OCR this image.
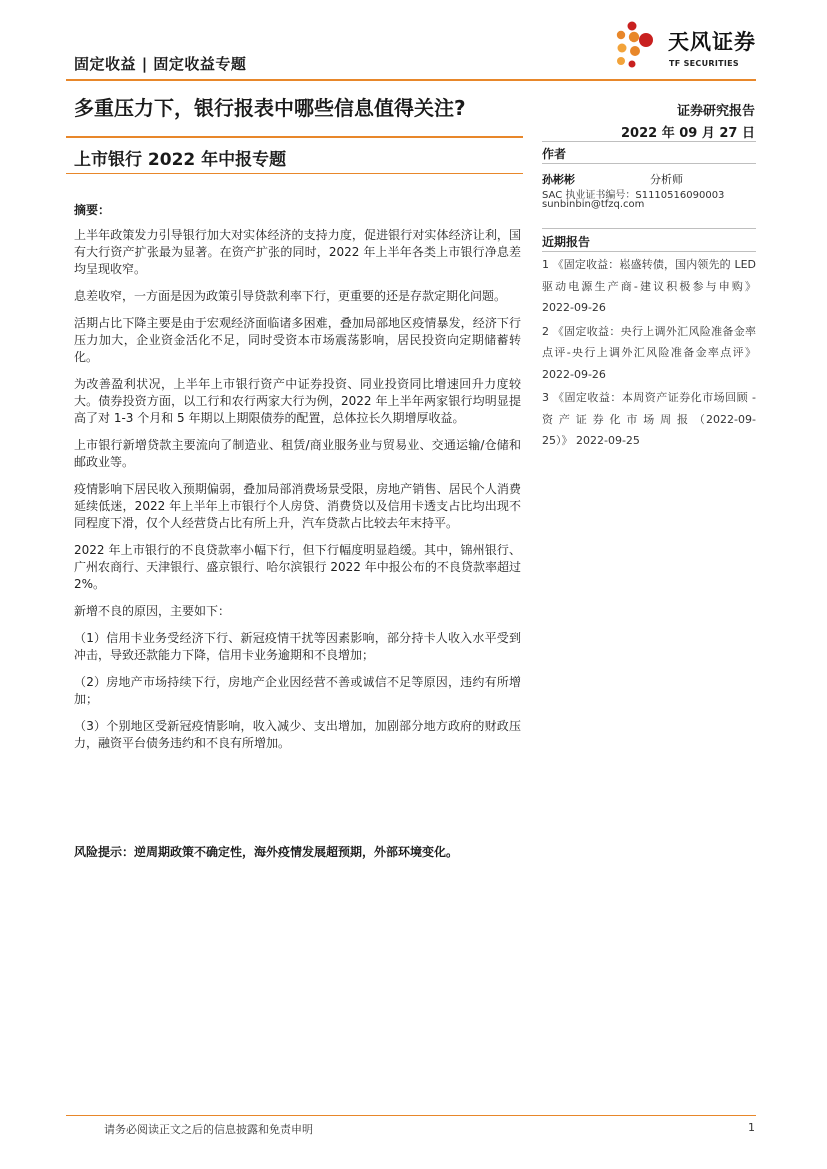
固定收益 | 固定收益专题
天风证券
TF SECURITIES
多重压力下，银行报表中哪些信息值得关注?
上市银行 2022 年中报专题
证券研究报告
2022 年 09 月 27 日
作者
孙彬彬	分析师
SAC 执业证书编号：S1110516090003
sunbinbin@tfzq.com
近期报告
1 《固定收益：崧盛转债，国内领先的 LED 驱动电源生产商-建议积极参与申购》 2022-09-26
2 《固定收益：央行上调外汇风险准备金率点评-央行上调外汇风险准备金率点评》 2022-09-26
3 《固定收益：本周资产证券化市场回顾 - 资 产 证 券 化 市 场 周 报 （2022-09-25）》 2022-09-25
摘要：

上半年政策发力引导银行加大对实体经济的支持力度，促进银行对实体经济让利，国有大行资产扩张最为显著。在资产扩张的同时，2022 年上半年各类上市银行净息差均呈现收窄。

息差收窄，一方面是因为政策引导贷款利率下行，更重要的还是存款定期化问题。

活期占比下降主要是由于宏观经济面临诸多困难，叠加局部地区疫情暴发，经济下行压力加大，企业资金活化不足，同时受资本市场震荡影响，居民投资向定期储蓄转化。

为改善盈利状况，上半年上市银行资产中证券投资、同业投资同比增速回升力度较大。债券投资方面，以工行和农行两家大行为例，2022 年上半年两家银行均明显提高了对 1-3 个月和 5 年期以上期限债券的配置，总体拉长久期增厚收益。

上市银行新增贷款主要流向了制造业、租赁/商业服务业与贸易业、交通运输/仓储和邮政业等。

疫情影响下居民收入预期偏弱，叠加局部消费场景受限，房地产销售、居民个人消费延续低迷，2022 年上半年上市银行个人房贷、消费贷以及信用卡透支占比均出现不同程度下滑，仅个人经营贷占比有所上升，汽车贷款占比较去年末持平。

2022 年上市银行的不良贷款率小幅下行，但下行幅度明显趋缓。其中，锦州银行、广州农商行、天津银行、盛京银行、哈尔滨银行 2022 年中报公布的不良贷款率超过 2%。

新增不良的原因，主要如下：

（1）信用卡业务受经济下行、新冠疫情干扰等因素影响，部分持卡人收入水平受到冲击，导致还款能力下降，信用卡业务逾期和不良增加；

（2）房地产市场持续下行，房地产企业因经营不善或诚信不足等原因，违约有所增加；

（3）个别地区受新冠疫情影响，收入减少、支出增加，加剧部分地方政府的财政压力，融资平台债务违约和不良有所增加。

风险提示：逆周期政策不确定性，海外疫情发展超预期，外部环境变化。
请务必阅读正文之后的信息披露和免责申明	1
